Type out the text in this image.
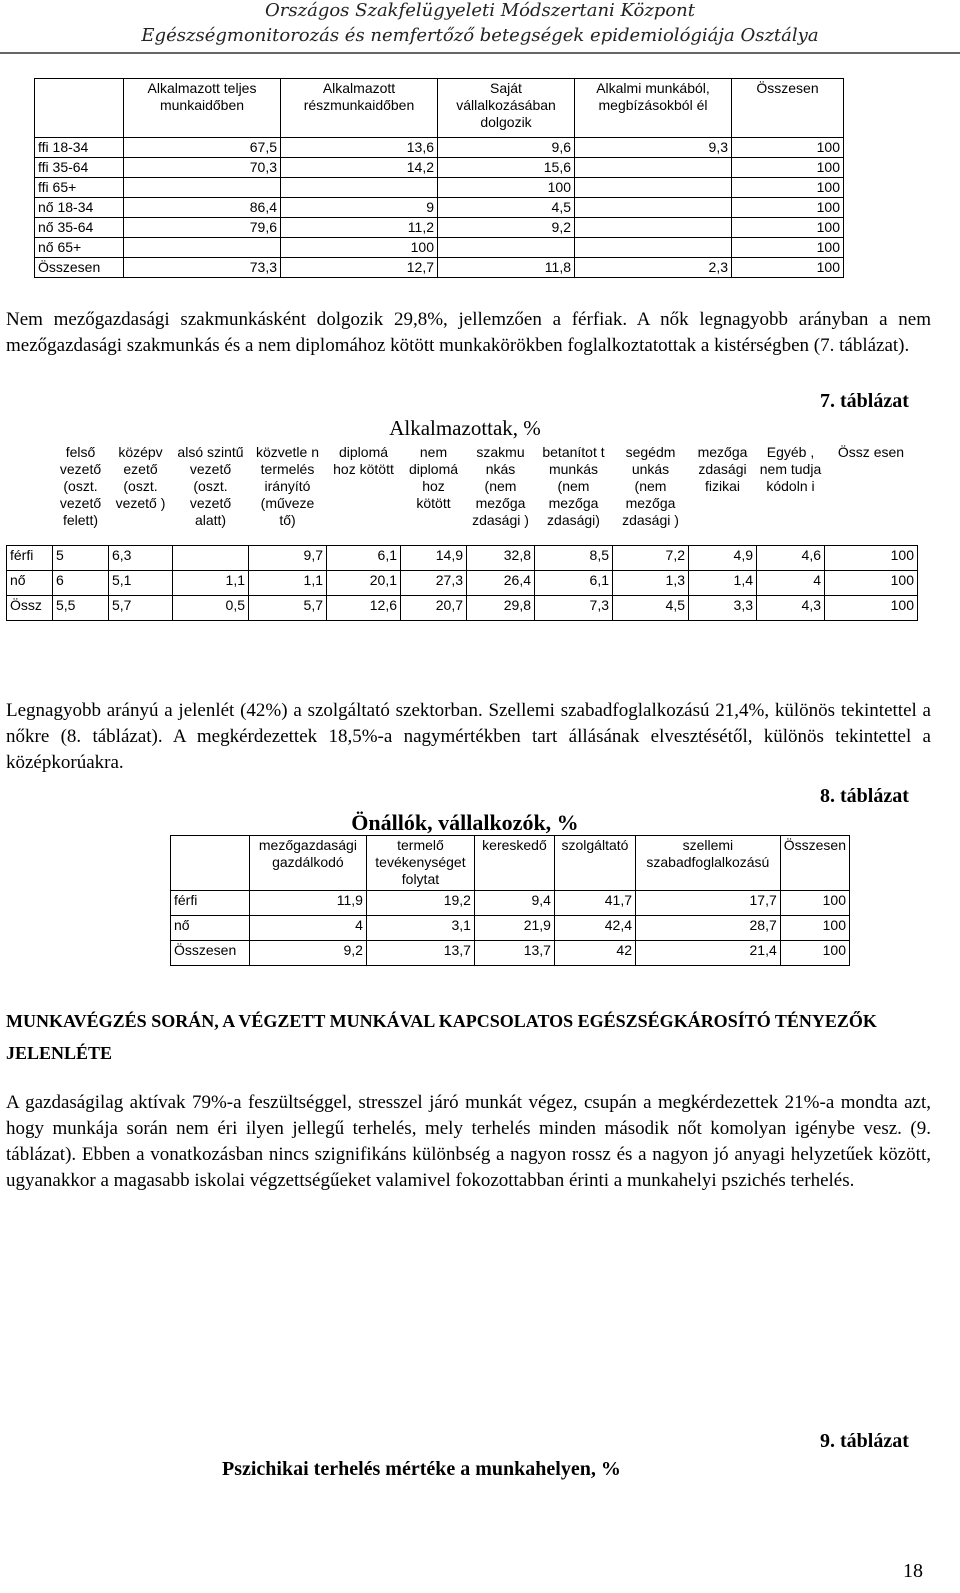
Országos Szakfelügyeleti Módszertani Központ
Egészségmonitorozás és nemfertőző betegségek epidemiológiája Osztálya
	Alkalmazott teljes munkaidőben	Alkalmazott részmunkaidőben	Saját vállalkozásában dolgozik	Alkalmi munkából, megbízásokból él	Összesen
ffi 18-34	67,5	13,6	9,6	9,3	100
ffi 35-64	70,3	14,2	15,6		100
ffi 65+			100		100
nő 18-34	86,4	9	4,5		100
nő 35-64	79,6	11,2	9,2		100
nő 65+		100			100
Összesen	73,3	12,7	11,8	2,3	100
Nem mezőgazdasági szakmunkásként dolgozik 29,8%, jellemzően a férfiak. A nők legnagyobb arányban a nem mezőgazdasági szakmunkás és a nem diplomához kötött munkakörökben foglalkoztatottak a kistérségben (7. táblázat).
7. táblázat
Alkalmazottak, %
	felső vezető (oszt. vezető felett)	középv ezető (oszt. vezető )	alsó szintű vezető (oszt. vezető alatt)	közvetle n termelés irányító (műveze tő)	diplomá hoz kötött	nem diplomá hoz kötött	szakmu nkás (nem mezőga zdasági )	betanítot t munkás (nem mezőga zdasági)	segédm unkás (nem mezőga zdasági )	mezőga zdasági fizikai	Egyéb , nem tudja kódoln i	Össz esen
férfi	5	6,3		9,7	6,1	14,9	32,8	8,5	7,2	4,9	4,6	100
nő	6	5,1	1,1	1,1	20,1	27,3	26,4	6,1	1,3	1,4	4	100
Össz	5,5	5,7	0,5	5,7	12,6	20,7	29,8	7,3	4,5	3,3	4,3	100
Legnagyobb arányú a jelenlét (42%) a szolgáltató szektorban. Szellemi szabadfoglalkozású 21,4%, különös tekintettel a nőkre (8. táblázat). A megkérdezettek 18,5%-a nagymértékben tart állásának elvesztésétől, különös tekintettel a középkorúakra.
8. táblázat
Önállók, vállalkozók, %
	mezőgazdasági gazdálkodó	termelő tevékenységet folytat	kereskedő	szolgáltató	szellemi szabadfoglalkozású	Összesen
férfi	11,9	19,2	9,4	41,7	17,7	100
nő	4	3,1	21,9	42,4	28,7	100
Összesen	9,2	13,7	13,7	42	21,4	100
MUNKAVÉGZÉS SORÁN, A VÉGZETT MUNKÁVAL KAPCSOLATOS EGÉSZSÉGKÁROSÍTÓ TÉNYEZŐK JELENLÉTE
A gazdaságilag aktívak 79%-a feszültséggel, stresszel járó munkát végez, csupán a megkérdezettek 21%-a mondta azt, hogy munkája során nem éri ilyen jellegű terhelés, mely terhelés minden második nőt komolyan igénybe vesz. (9. táblázat). Ebben a vonatkozásban nincs szignifikáns különbség a nagyon rossz és a nagyon jó anyagi helyzetűek között, ugyanakkor a magasabb iskolai végzettségűeket valamivel fokozottabban érinti a munkahelyi pszichés terhelés.
9. táblázat
Pszichikai terhelés mértéke a munkahelyen, %
18
